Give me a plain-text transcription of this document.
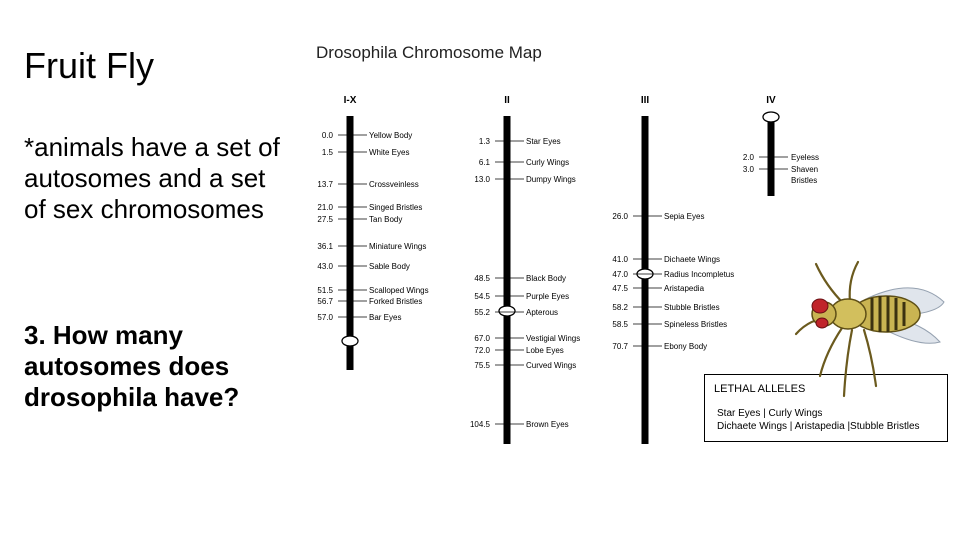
Fruit Fly
*animals have a set of autosomes and a set of sex chromosomes
3. How many autosomes does drosophila have?
Drosophila Chromosome Map
I-X
0.0	Yellow Body
1.5	White Eyes
13.7	Crossveinless
21.0	Singed Bristles
27.5	Tan Body
36.1	Miniature Wings
43.0	Sable Body
51.5	Scalloped Wings
56.7	Forked Bristles
57.0	Bar Eyes
II
1.3	Star Eyes
6.1	Curly Wings
13.0	Dumpy Wings
48.5	Black Body
54.5	Purple Eyes
55.2	Apterous
67.0	Vestigial Wings
72.0	Lobe Eyes
75.5	Curved Wings
104.5	Brown Eyes
III
26.0	Sepia Eyes
41.0	Dichaete Wings
47.0	Radius Incompletus
47.5	Aristapedia
58.2	Stubble Bristles
58.5	Spineless Bristles
70.7	Ebony Body
IV
2.0	Eyeless
3.0	Shaven
Bristles
LETHAL ALLELES
Star Eyes | Curly Wings
Dichaete Wings | Aristapedia |Stubble Bristles
